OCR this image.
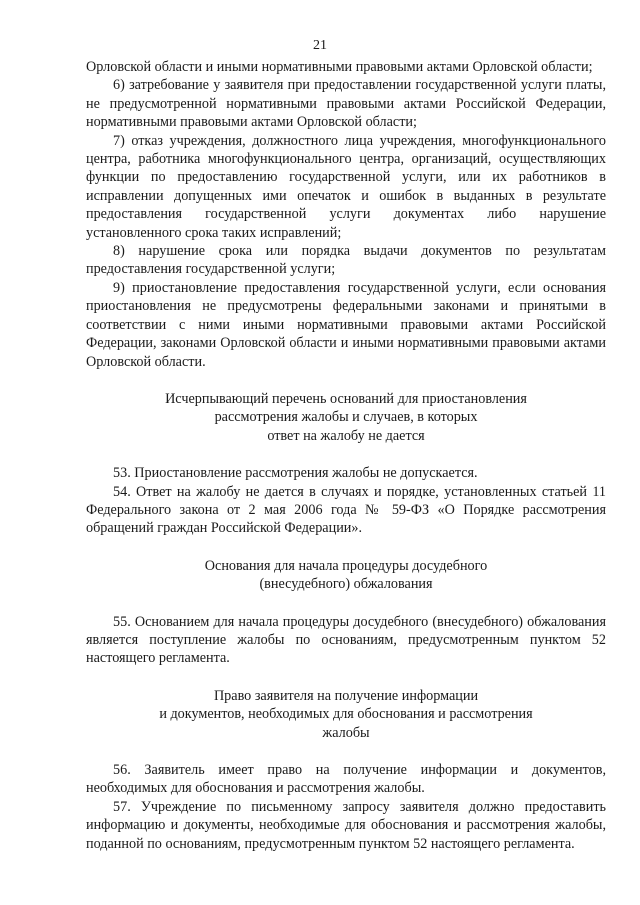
21

Орловской области и иными нормативными правовыми актами Орловской области;

6) затребование у заявителя при предоставлении государственной услуги платы, не предусмотренной нормативными правовыми актами Российской Федерации, нормативными правовыми актами Орловской области;

7) отказ учреждения, должностного лица учреждения, многофункционального центра, работника многофункционального центра, организаций, осуществляющих функции по предоставлению государственной услуги, или их работников в исправлении допущенных ими опечаток и ошибок в выданных в результате предоставления государственной услуги документах либо нарушение установленного срока таких исправлений;

8) нарушение срока или порядка выдачи документов по результатам предоставления государственной услуги;

9) приостановление предоставления государственной услуги, если основания приостановления не предусмотрены федеральными законами и принятыми в соответствии с ними иными нормативными правовыми актами Российской Федерации, законами Орловской области и иными нормативными правовыми актами Орловской области.

Исчерпывающий перечень оснований для приостановления
рассмотрения жалобы и случаев, в которых
ответ на жалобу не дается

53. Приостановление рассмотрения жалобы не допускается.

54. Ответ на жалобу не дается в случаях и порядке, установленных статьей 11 Федерального закона от 2 мая 2006 года № 59-ФЗ «О Порядке рассмотрения обращений граждан Российской Федерации».

Основания для начала процедуры досудебного
(внесудебного) обжалования

55. Основанием для начала процедуры досудебного (внесудебного) обжалования является поступление жалобы по основаниям, предусмотренным пунктом 52 настоящего регламента.

Право заявителя на получение информации
и документов, необходимых для обоснования и рассмотрения
жалобы

56. Заявитель имеет право на получение информации и документов, необходимых для обоснования и рассмотрения жалобы.

57. Учреждение по письменному запросу заявителя должно предоставить информацию и документы, необходимые для обоснования и рассмотрения жалобы, поданной по основаниям, предусмотренным пунктом 52 настоящего регламента.
